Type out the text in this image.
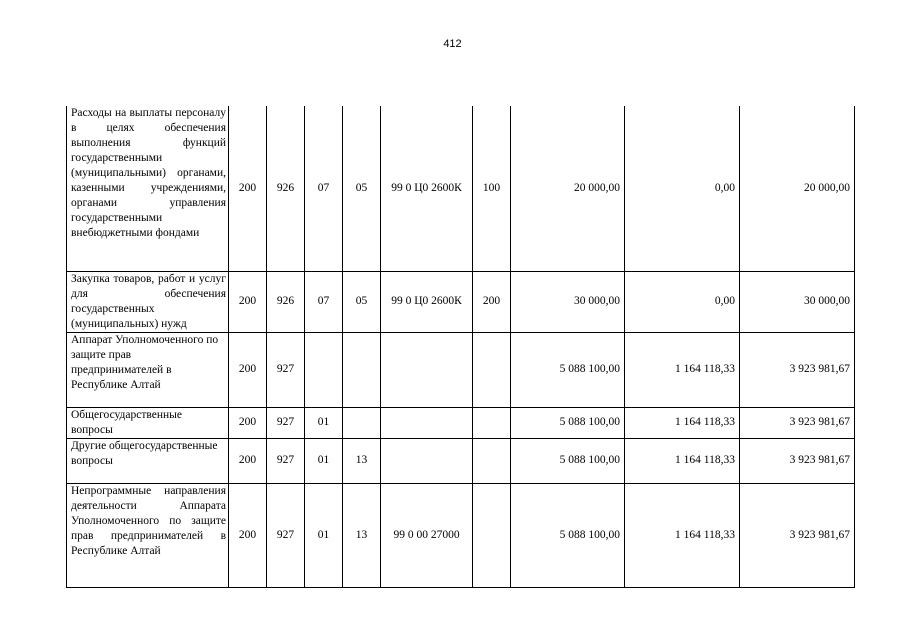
412
Расходы на выплаты персоналу в целях обеспечения выполнения функций государственными (муниципальными) органами, казенными учреждениями, органами управления государственными внебюджетными фондами	200	926	07	05	99 0 Ц0 2600К	100	20 000,00	0,00	20 000,00
Закупка товаров, работ и услуг для обеспечения государственных (муниципальных) нужд	200	926	07	05	99 0 Ц0 2600К	200	30 000,00	0,00	30 000,00
Аппарат Уполномоченного по защите прав предпринимателей в Республике Алтай	200	927					5 088 100,00	1 164 118,33	3 923 981,67
Общегосударственные вопросы	200	927	01				5 088 100,00	1 164 118,33	3 923 981,67
Другие общегосударственные вопросы	200	927	01	13			5 088 100,00	1 164 118,33	3 923 981,67
Непрограммные направления деятельности Аппарата Уполномоченного по защите прав предпринимателей в Республике Алтай	200	927	01	13	99 0 00 27000		5 088 100,00	1 164 118,33	3 923 981,67
